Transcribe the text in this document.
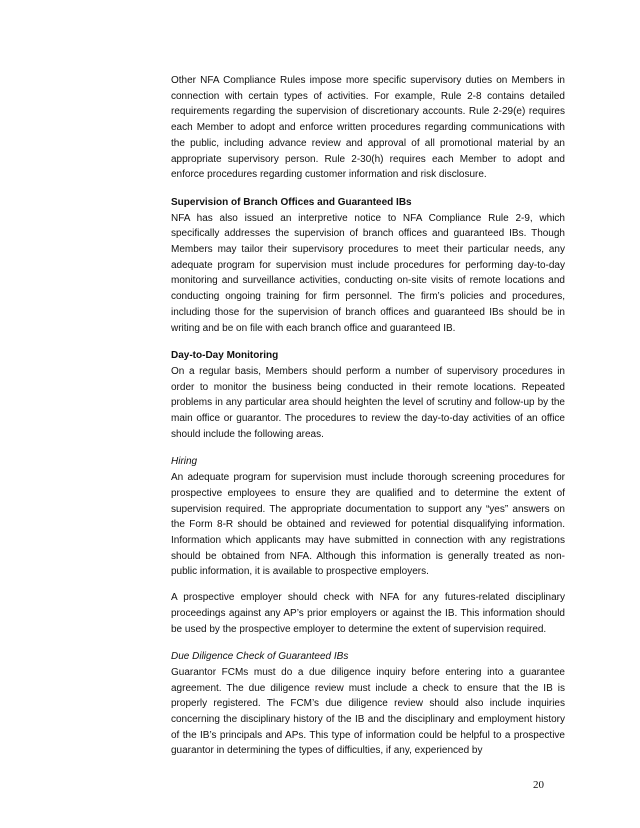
Other NFA Compliance Rules impose more specific supervisory duties on Members in connection with certain types of activities. For example, Rule 2-8 contains detailed requirements regarding the supervision of discretionary accounts. Rule 2-29(e) requires each Member to adopt and enforce written procedures regarding communications with the public, including advance review and approval of all promotional material by an appropriate supervisory person. Rule 2-30(h) requires each Member to adopt and enforce procedures regarding customer information and risk disclosure.

Supervision of Branch Offices and Guaranteed IBs

NFA has also issued an interpretive notice to NFA Compliance Rule 2-9, which specifically addresses the supervision of branch offices and guaranteed IBs. Though Members may tailor their supervisory procedures to meet their particular needs, any adequate program for supervision must include procedures for performing day-to-day monitoring and surveillance activities, conducting on-site visits of remote locations and conducting ongoing training for firm personnel. The firm’s policies and procedures, including those for the supervision of branch offices and guaranteed IBs should be in writing and be on file with each branch office and guaranteed IB.

Day-to-Day Monitoring

On a regular basis, Members should perform a number of supervisory procedures in order to monitor the business being conducted in their remote locations. Repeated problems in any particular area should heighten the level of scrutiny and follow-up by the main office or guarantor. The procedures to review the day-to-day activities of an office should include the following areas.

Hiring

An adequate program for supervision must include thorough screening procedures for prospective employees to ensure they are qualified and to determine the extent of supervision required. The appropriate documentation to support any “yes” answers on the Form 8-R should be obtained and reviewed for potential disqualifying information. Information which applicants may have submitted in connection with any registrations should be obtained from NFA. Although this information is generally treated as non-public information, it is available to prospective employers.

A prospective employer should check with NFA for any futures-related disciplinary proceedings against any AP’s prior employers or against the IB. This information should be used by the prospective employer to determine the extent of supervision required.

Due Diligence Check of Guaranteed IBs

Guarantor FCMs must do a due diligence inquiry before entering into a guarantee agreement. The due diligence review must include a check to ensure that the IB is properly registered. The FCM’s due diligence review should also include inquiries concerning the disciplinary history of the IB and the disciplinary and employment history of the IB’s principals and APs. This type of information could be helpful to a prospective guarantor in determining the types of difficulties, if any, experienced by

20
